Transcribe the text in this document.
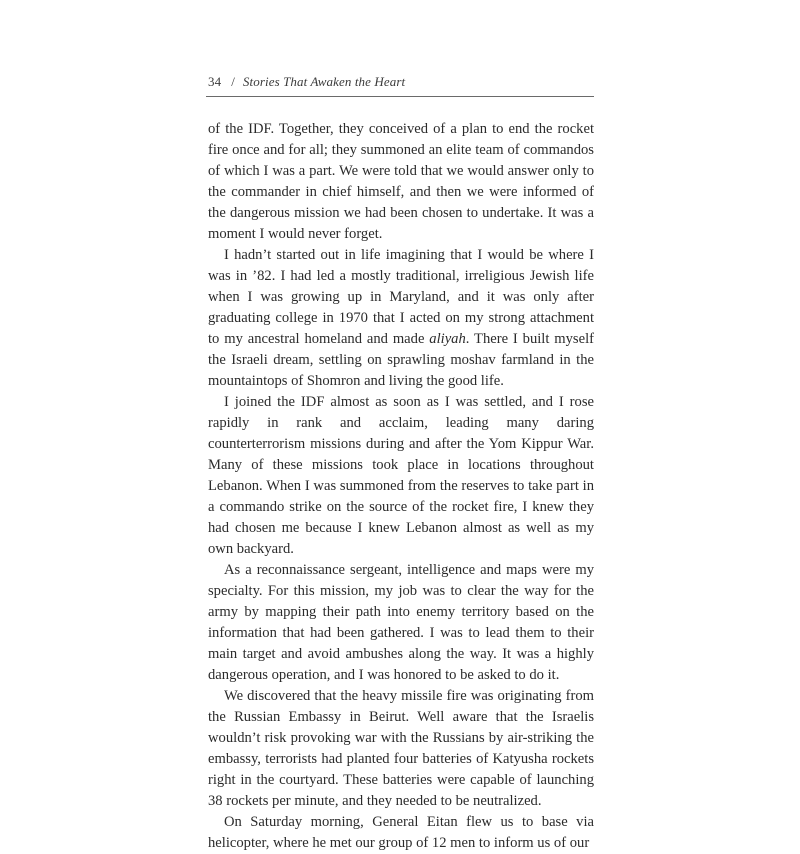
34 / Stories That Awaken the Heart

of the IDF. Together, they conceived of a plan to end the rocket fire once and for all; they summoned an elite team of commandos of which I was a part. We were told that we would answer only to the commander in chief himself, and then we were informed of the dangerous mission we had been chosen to undertake. It was a moment I would never forget.

I hadn’t started out in life imagining that I would be where I was in ’82. I had led a mostly traditional, irreligious Jewish life when I was growing up in Maryland, and it was only after graduating college in 1970 that I acted on my strong attachment to my ancestral homeland and made aliyah. There I built myself the Israeli dream, settling on sprawling moshav farmland in the mountaintops of Shomron and living the good life.

I joined the IDF almost as soon as I was settled, and I rose rapidly in rank and acclaim, leading many daring counterterrorism missions during and after the Yom Kippur War. Many of these missions took place in locations throughout Lebanon. When I was summoned from the reserves to take part in a commando strike on the source of the rocket fire, I knew they had chosen me because I knew Lebanon almost as well as my own backyard.

As a reconnaissance sergeant, intelligence and maps were my specialty. For this mission, my job was to clear the way for the army by mapping their path into enemy territory based on the information that had been gathered. I was to lead them to their main target and avoid ambushes along the way. It was a highly dangerous operation, and I was honored to be asked to do it.

We discovered that the heavy missile fire was originating from the Russian Embassy in Beirut. Well aware that the Israelis wouldn’t risk provoking war with the Russians by air-striking the embassy, terrorists had planted four batteries of Katyusha rockets right in the courtyard. These batteries were capable of launching 38 rockets per minute, and they needed to be neutralized.

On Saturday morning, General Eitan flew us to base via helicopter, where he met our group of 12 men to inform us of our
